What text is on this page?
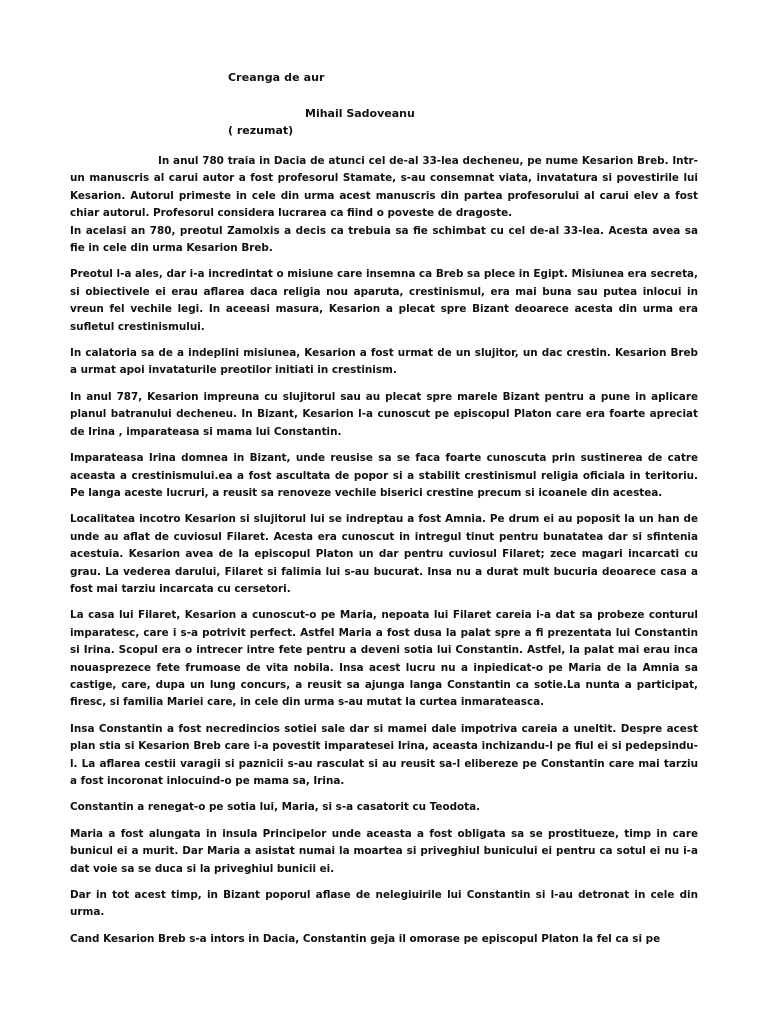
Creanga de aur
Mihail Sadoveanu
( rezumat)

In anul 780 traia in Dacia de atunci cel de-al 33-lea decheneu, pe nume Kesarion Breb. Intr-un manuscris al carui autor a fost profesorul Stamate, s-au consemnat viata, invatatura si povestirile lui Kesarion. Autorul primeste in cele din urma acest manuscris din partea profesorului al carui elev a fost chiar autorul. Profesorul considera lucrarea ca fiind o poveste de dragoste.

In acelasi an 780, preotul Zamolxis a decis ca trebuia sa fie schimbat cu cel de-al 33-lea. Acesta avea sa fie in cele din urma Kesarion Breb.

Preotul l-a ales, dar i-a incredintat o misiune care insemna ca Breb sa plece in Egipt. Misiunea era secreta, si obiectivele ei erau aflarea daca religia nou aparuta, crestinismul, era mai buna sau putea inlocui in vreun fel vechile legi. In aceeasi masura, Kesarion a plecat spre Bizant deoarece acesta din urma era sufletul crestinismului.

In calatoria sa de a indeplini misiunea, Kesarion a fost urmat de un slujitor, un dac crestin. Kesarion Breb a urmat apoi invataturile preotilor initiati in crestinism.

In anul 787, Kesarion impreuna cu slujitorul sau au plecat spre marele Bizant pentru a pune in aplicare planul batranului decheneu. In Bizant, Kesarion l-a cunoscut pe episcopul Platon care era foarte apreciat de Irina , imparateasa si mama lui Constantin.

Imparateasa Irina domnea in Bizant, unde reusise sa se faca foarte cunoscuta prin sustinerea de catre aceasta a crestinismului.ea a fost ascultata de popor si a stabilit crestinismul religia oficiala in teritoriu. Pe langa aceste lucruri, a reusit sa renoveze vechile biserici crestine precum si icoanele din acestea.

Localitatea incotro Kesarion si slujitorul lui se indreptau a fost Amnia. Pe drum ei au poposit la un han de unde au aflat de cuviosul Filaret. Acesta era cunoscut in intregul tinut pentru bunatatea dar si sfintenia acestuia. Kesarion avea de la episcopul Platon un dar pentru cuviosul Filaret; zece magari incarcati cu grau. La vederea darului, Filaret si falimia lui s-au bucurat. Insa nu a durat mult bucuria deoarece casa a fost mai tarziu incarcata cu cersetori.

La casa lui Filaret, Kesarion a cunoscut-o pe Maria, nepoata lui Filaret careia i-a dat sa probeze conturul imparatesc, care i s-a potrivit perfect. Astfel Maria a fost dusa la palat spre a fi prezentata lui Constantin si Irina. Scopul era o intrecer intre fete pentru a deveni sotia lui Constantin. Astfel, la palat mai erau inca nouasprezece fete frumoase de vita nobila. Insa acest lucru nu a inpiedicat-o pe Maria de la Amnia sa castige, care, dupa un lung concurs, a reusit sa ajunga langa Constantin ca sotie.La nunta a participat, firesc, si familia Mariei care, in cele din urma s-au mutat la curtea inmarateasca.

Insa Constantin a fost necredincios sotiei sale dar si mamei dale impotriva careia a uneltit. Despre acest plan stia si Kesarion Breb care i-a povestit imparatesei Irina, aceasta inchizandu-l pe fiul ei si pedepsindu-l. La aflarea cestii varagii si paznicii s-au rasculat si au reusit sa-l elibereze pe Constantin care mai tarziu a fost incoronat inlocuind-o pe mama sa, Irina.

Constantin a renegat-o pe sotia lui, Maria, si s-a casatorit cu Teodota.

Maria a fost alungata in insula Principelor unde aceasta a fost obligata sa se prostitueze, timp in care bunicul ei a murit. Dar Maria a asistat numai la moartea si priveghiul bunicului ei pentru ca sotul ei nu i-a dat voie sa se duca si la priveghiul bunicii ei.

Dar in tot acest timp, in Bizant poporul aflase de nelegiuirile lui Constantin si l-au detronat in cele din urma.

Cand Kesarion Breb s-a intors in Dacia, Constantin geja il omorase pe episcopul Platon la fel ca si pe
